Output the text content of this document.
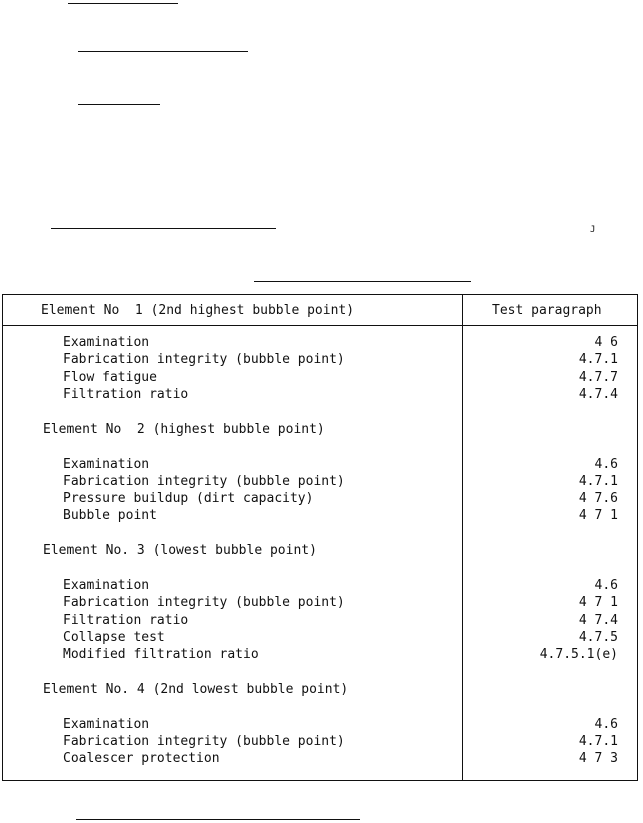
J
Element No  1 (2nd highest bubble point)	Test paragraph
Examination	4 6
Fabrication integrity (bubble point)	4.7.1
Flow fatigue	4.7.7
Filtration ratio	4.7.4
Element No  2 (highest bubble point)
Examination	4.6
Fabrication integrity (bubble point)	4.7.1
Pressure buildup (dirt capacity)	4 7.6
Bubble point	4 7 1
Element No. 3 (lowest bubble point)
Examination	4.6
Fabrication integrity (bubble point)	4 7 1
Filtration ratio	4 7.4
Collapse test	4.7.5
Modified filtration ratio	4.7.5.1(e)
Element No. 4 (2nd lowest bubble point)
Examination	4.6
Fabrication integrity (bubble point)	4.7.1
Coalescer protection	4 7 3
